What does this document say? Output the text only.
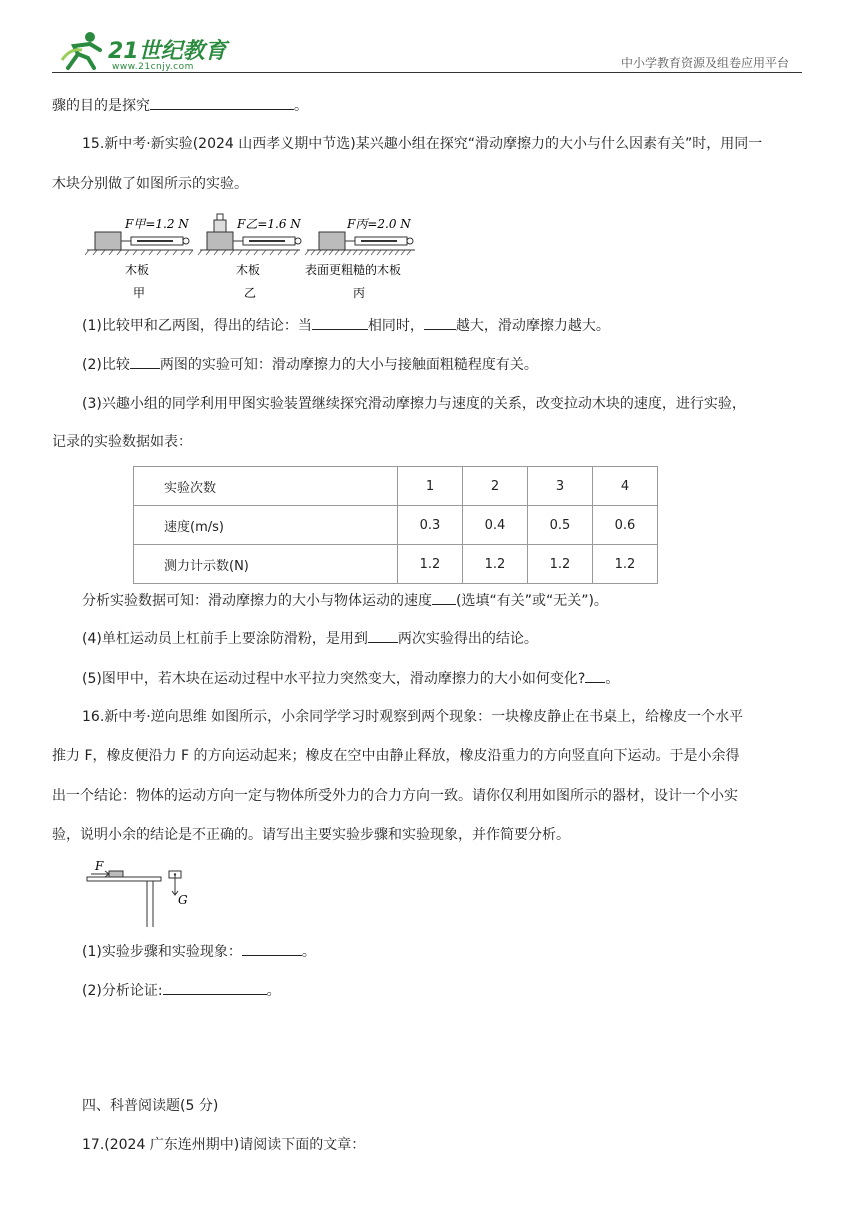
21世纪教育
www.21cnjy.com	中小学教育资源及组卷应用平台

骤的目的是探究	。

15.新中考·新实验(2024 山西孝义期中节选)某兴趣小组在探究“滑动摩擦力的大小与什么因素有关”时，用同一

木块分别做了如图所示的实验。

F甲=1.2 N	F乙=1.6 N	F丙=2.0 N
木板	木板	表面更粗糙的木板
甲	乙	丙

(1)比较甲和乙两图，得出的结论：当	相同时， 越大，滑动摩擦力越大。

(2)比较 两图的实验可知：滑动摩擦力的大小与接触面粗糙程度有关。

(3)兴趣小组的同学利用甲图实验装置继续探究滑动摩擦力与速度的关系，改变拉动木块的速度，进行实验，

记录的实验数据如表：

实验次数	1	2	3	4
速度(m/s)	0.3	0.4	0.5	0.6
测力计示数(N)	1.2	1.2	1.2	1.2

分析实验数据可知：滑动摩擦力的大小与物体运动的速度 (选填“有关”或“无关”)。

(4)单杠运动员上杠前手上要涂防滑粉，是用到 两次实验得出的结论。

(5)图甲中，若木块在运动过程中水平拉力突然变大，滑动摩擦力的大小如何变化? 。

16.新中考·逆向思维 如图所示，小余同学学习时观察到两个现象：一块橡皮静止在书桌上，给橡皮一个水平

推力 F，橡皮便沿力 F 的方向运动起来；橡皮在空中由静止释放，橡皮沿重力的方向竖直向下运动。于是小余得

出一个结论：物体的运动方向一定与物体所受外力的合力方向一致。请你仅利用如图所示的器材，设计一个小实

验，说明小余的结论是不正确的。请写出主要实验步骤和实验现象，并作简要分析。

F
G

(1)实验步骤和实验现象：	。

(2)分析论证:	。

四、科普阅读题(5 分)

17.(2024 广东连州期中)请阅读下面的文章：
